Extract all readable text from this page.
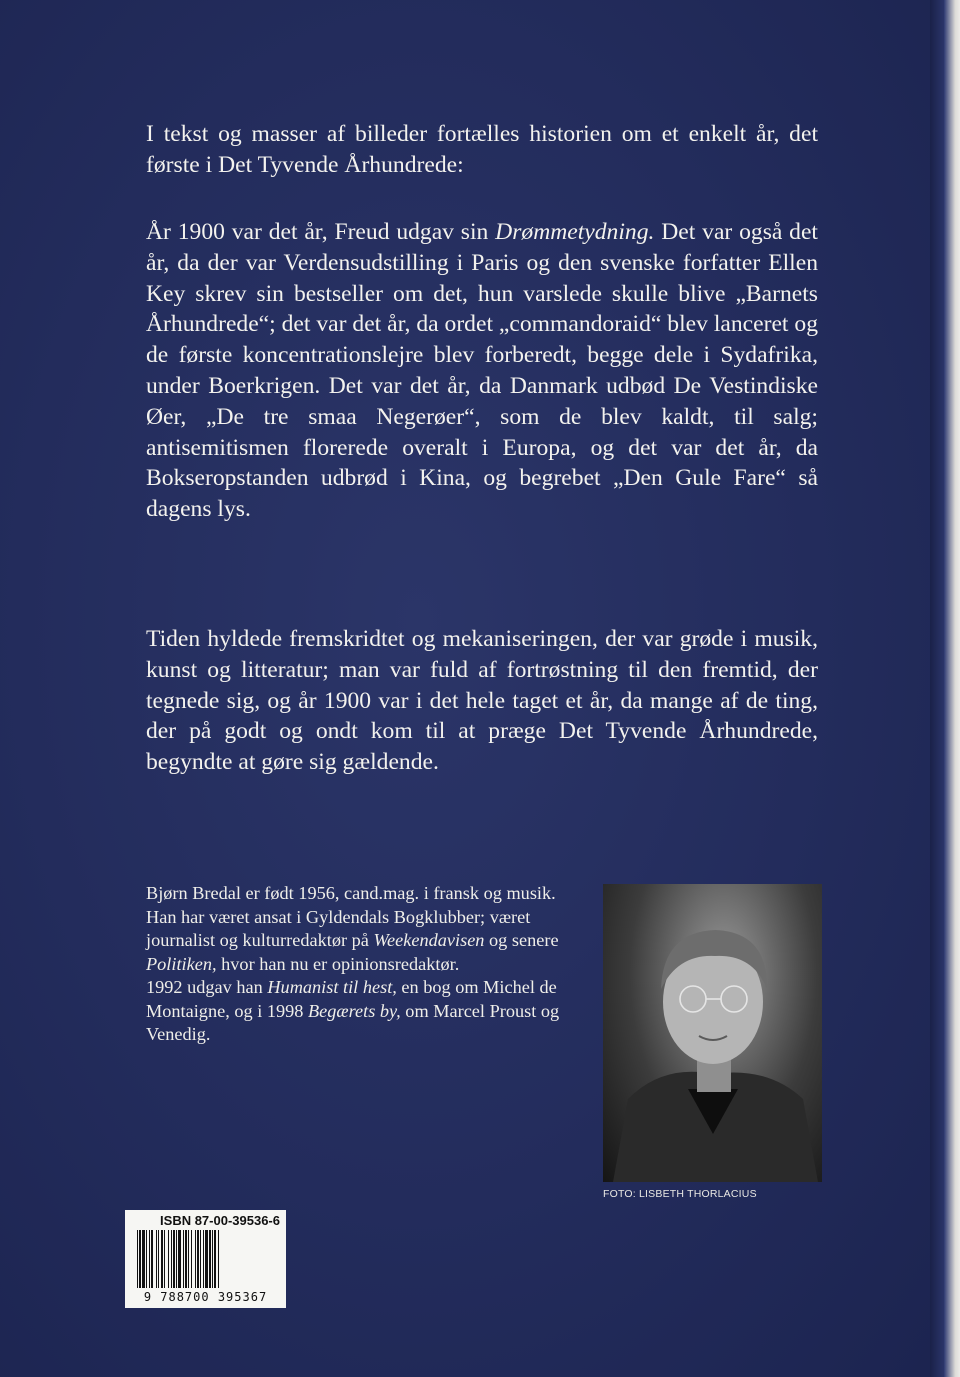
I tekst og masser af billeder fortælles historien om et enkelt år, det første i Det Tyvende Århundrede:

År 1900 var det år, Freud udgav sin Drømmetydning. Det var også det år, da der var Verdensudstilling i Paris og den svenske forfatter Ellen Key skrev sin bestseller om det, hun varslede skulle blive „Barnets Århundrede“; det var det år, da ordet „commandoraid“ blev lanceret og de første koncentrationslejre blev forberedt, begge dele i Sydafrika, under Boerkrigen. Det var det år, da Danmark udbød De Vestindiske Øer, „De tre smaa Negerøer“, som de blev kaldt, til salg; antisemitismen florerede overalt i Europa, og det var det år, da Bokseropstanden udbrød i Kina, og begrebet „Den Gule Fare“ så dagens lys.

Tiden hyldede fremskridtet og mekaniseringen, der var grøde i musik, kunst og litteratur; man var fuld af fortrøstning til den fremtid, der tegnede sig, og år 1900 var i det hele taget et år, da mange af de ting, der på godt og ondt kom til at præge Det Tyvende Århundrede, begyndte at gøre sig gældende.

Bjørn Bredal er født 1956, cand.mag. i fransk og musik. Han har været ansat i Gyldendals Bogklubber; været journalist og kulturredaktør på Weekendavisen og senere Politiken, hvor han nu er opinionsredaktør.

1992 udgav han Humanist til hest, en bog om Michel de Montaigne, og i 1998 Begærets by, om Marcel Proust og Venedig.

FOTO: LISBETH THORLACIUS
ISBN 87-00-39536-6
9 788700 395367
